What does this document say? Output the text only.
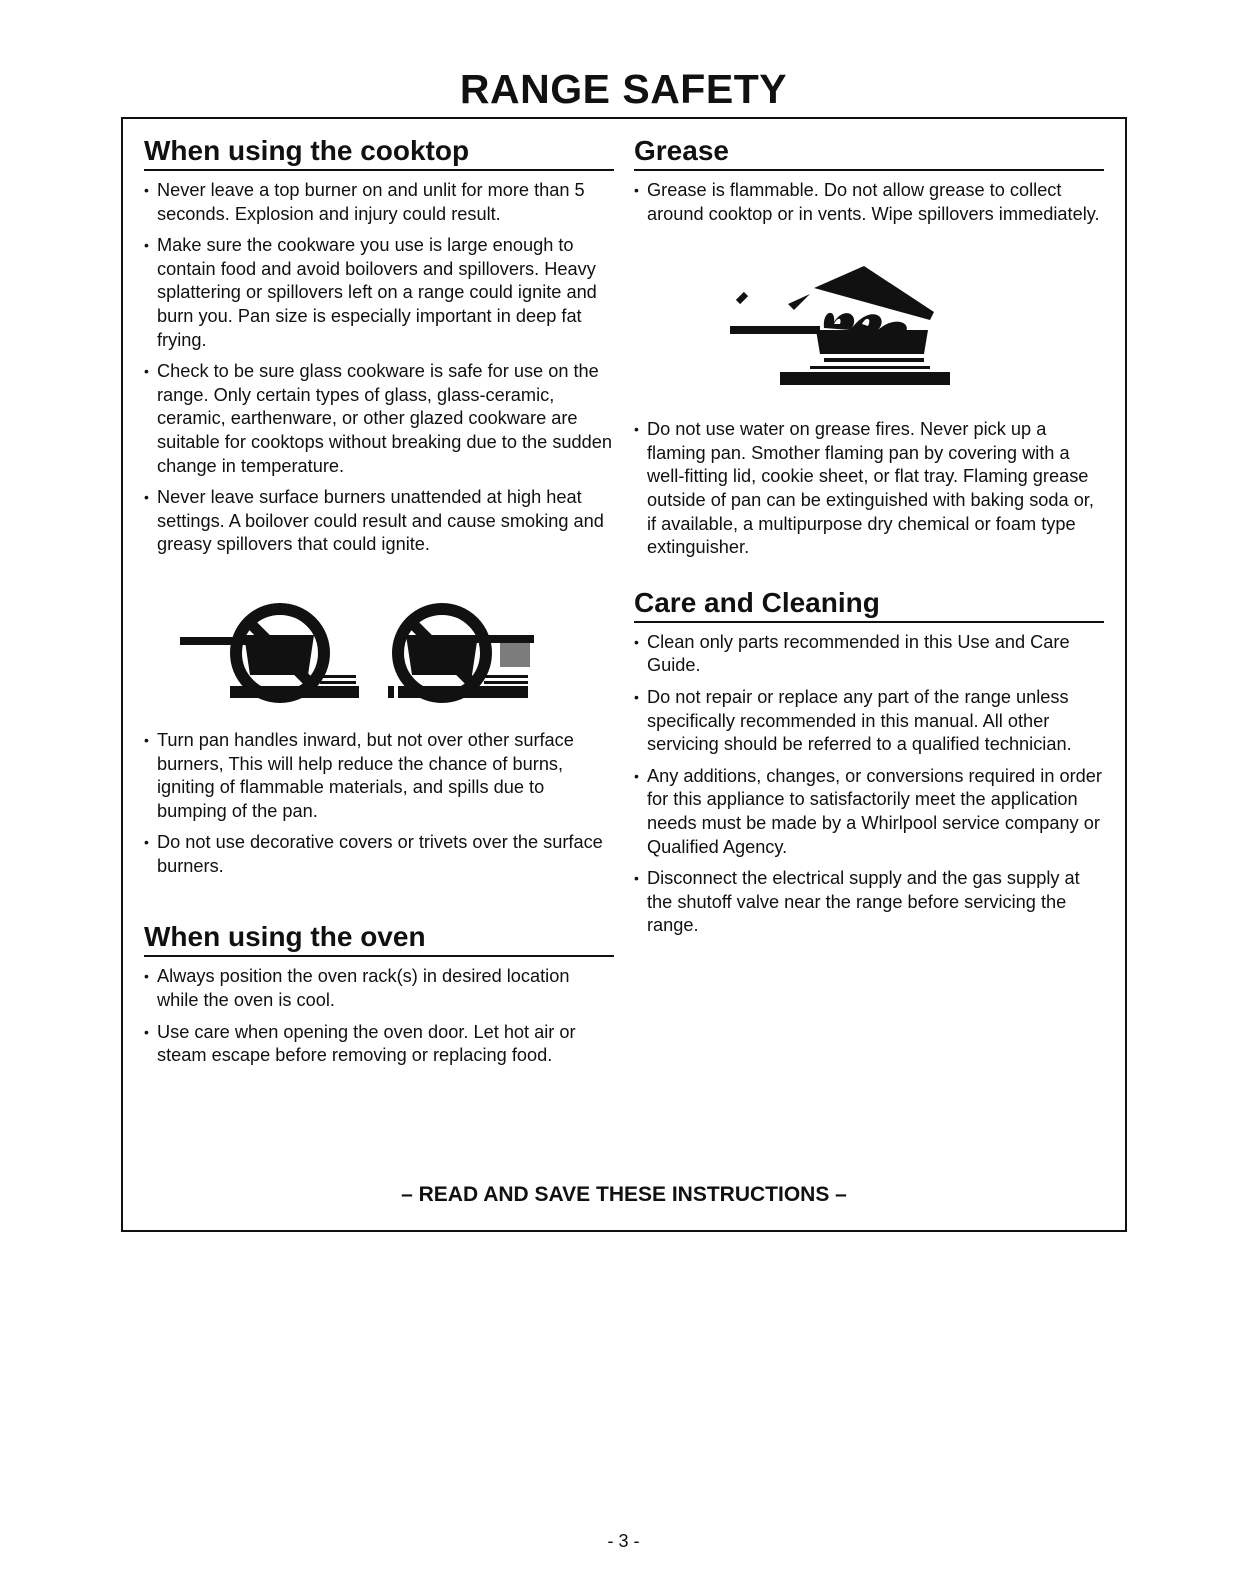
RANGE SAFETY
When using the cooktop
• Never leave a top burner on and unlit for more than 5 seconds. Explosion and injury could result.
• Make sure the cookware you use is large enough to contain food and avoid boilovers and spillovers. Heavy splattering or spillovers left on a range could ignite and burn you. Pan size is especially important in deep fat frying.
• Check to be sure glass cookware is safe for use on the range. Only certain types of glass, glass-ceramic, ceramic, earthenware, or other glazed cookware are suitable for cooktops without breaking due to the sudden change in temperature.
• Never leave surface burners unattended at high heat settings. A boilover could result and cause smoking and greasy spillovers that could ignite.
• Turn pan handles inward, but not over other surface burners, This will help reduce the chance of burns, igniting of flammable materials, and spills due to bumping of the pan.
• Do not use decorative covers or trivets over the surface burners.
When using the oven
• Always position the oven rack(s) in desired location while the oven is cool.
• Use care when opening the oven door. Let hot air or steam escape before removing or replacing food.
Grease
• Grease is flammable. Do not allow grease to collect around cooktop or in vents. Wipe spillovers immediately.
• Do not use water on grease fires. Never pick up a flaming pan. Smother flaming pan by covering with a well-fitting lid, cookie sheet, or flat tray. Flaming grease outside of pan can be extinguished with baking soda or, if available, a multipurpose dry chemical or foam type extinguisher.
Care and Cleaning
• Clean only parts recommended in this Use and Care Guide.
• Do not repair or replace any part of the range unless specifically recommended in this manual. All other servicing should be referred to a qualified technician.
• Any additions, changes, or conversions required in order for this appliance to satisfactorily meet the application needs must be made by a Whirlpool service company or Qualified Agency.
• Disconnect the electrical supply and the gas supply at the shutoff valve near the range before servicing the range.

– READ AND SAVE THESE INSTRUCTIONS –

- 3 -
